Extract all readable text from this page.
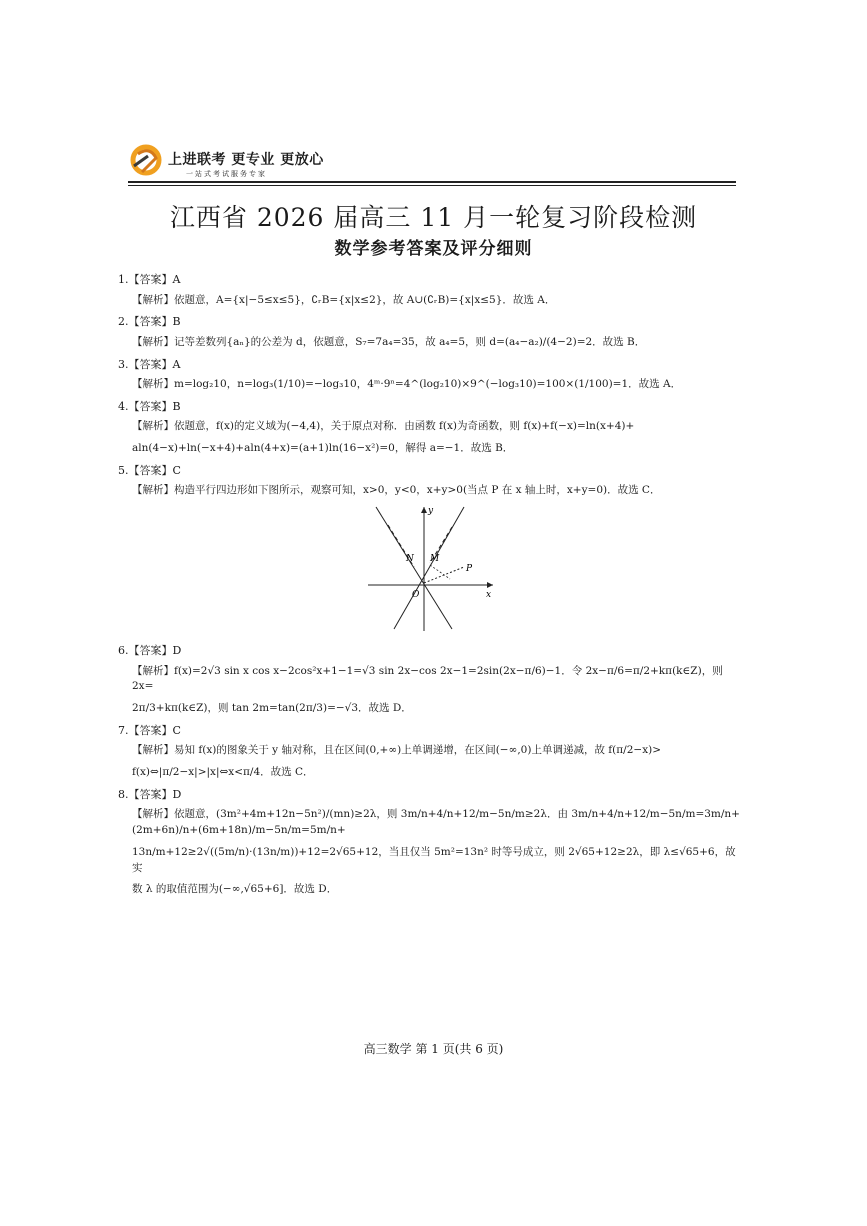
上进联考 更专业 更放心
一站式考试服务专家
江西省 2026 届高三 11 月一轮复习阶段检测
数学参考答案及评分细则
1.【答案】A
【解析】依题意，A={x|−5≤x≤5}，∁ᵣB={x|x≤2}，故 A∪(∁ᵣB)={x|x≤5}．故选 A．
2.【答案】B
【解析】记等差数列{aₙ}的公差为 d，依题意，S₇=7a₄=35，故 a₄=5，则 d=(a₄−a₂)/(4−2)=2．故选 B．
3.【答案】A
【解析】m=log₂10，n=log₃(1/10)=−log₃10，4ᵐ·9ⁿ=4^(log₂10)×9^(−log₃10)=100×(1/100)=1．故选 A．
4.【答案】B
【解析】依题意，f(x)的定义域为(−4,4)，关于原点对称．由函数 f(x)为奇函数，则 f(x)+f(−x)=ln(x+4)+
aln(4−x)+ln(−x+4)+aln(4+x)=(a+1)ln(16−x²)=0，解得 a=−1．故选 B．
5.【答案】C
【解析】构造平行四边形如下图所示，观察可知，x>0，y<0，x+y>0(当点 P 在 x 轴上时，x+y=0)．故选 C．
y
x
O
M
P
N
6.【答案】D
【解析】f(x)=2√3 sin x cos x−2cos²x+1−1=√3 sin 2x−cos 2x−1=2sin(2x−π/6)−1．令 2x−π/6=π/2+kπ(k∈Z)，则 2x=
2π/3+kπ(k∈Z)，则 tan 2m=tan(2π/3)=−√3．故选 D．
7.【答案】C
【解析】易知 f(x)的图象关于 y 轴对称，且在区间(0,+∞)上单调递增，在区间(−∞,0)上单调递减，故 f(π/2−x)>
f(x)⇔|π/2−x|>|x|⇔x<π/4．故选 C．
8.【答案】D
【解析】依题意，(3m²+4m+12n−5n²)/(mn)≥2λ，则 3m/n+4/n+12/m−5n/m≥2λ．由 3m/n+4/n+12/m−5n/m=3m/n+(2m+6n)/n+(6m+18n)/m−5n/m=5m/n+
13n/m+12≥2√((5m/n)·(13n/m))+12=2√65+12，当且仅当 5m²=13n² 时等号成立，则 2√65+12≥2λ，即 λ≤√65+6，故实
数 λ 的取值范围为(−∞,√65+6]．故选 D．
高三数学 第 1 页(共 6 页)
